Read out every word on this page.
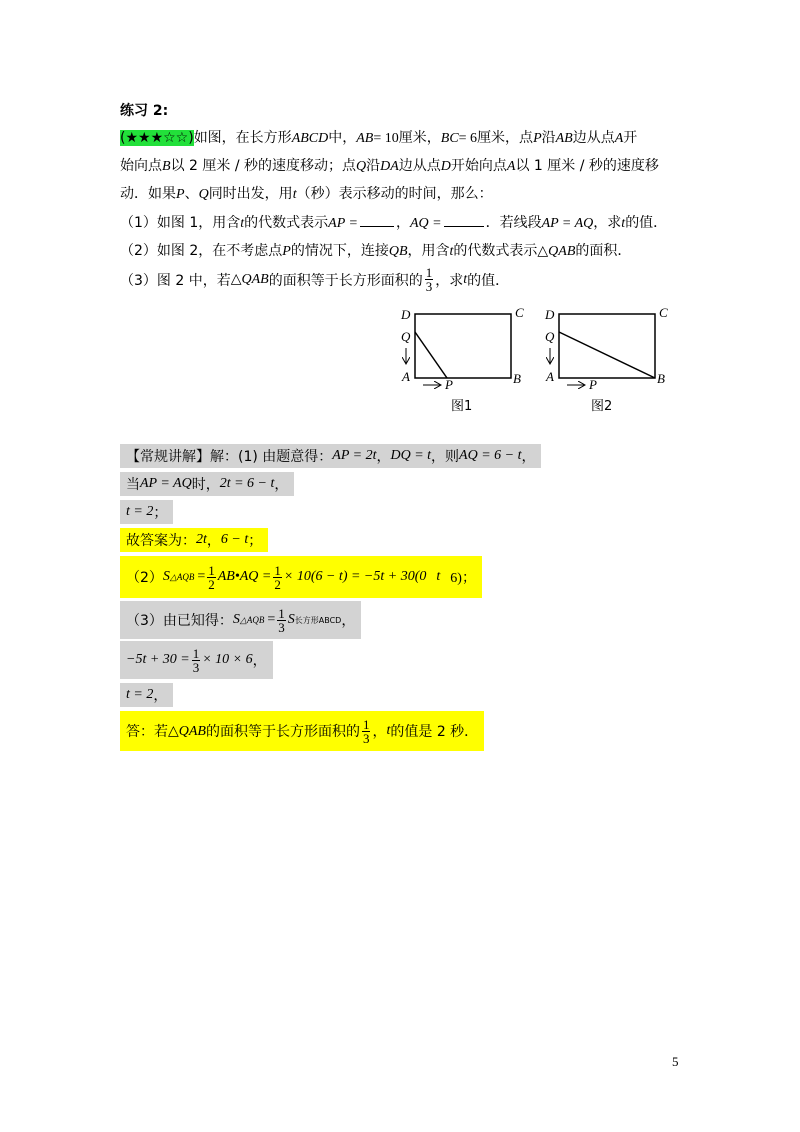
练习 2:
(★★★☆☆)如图，在长方形ABCD中，AB= 10厘米，BC= 6厘米，点P沿AB边从点A开
始向点B以 2 厘米 / 秒的速度移动；点Q沿DA边从点D开始向点A以 1 厘米 / 秒的速度移
动．如果P、Q同时出发，用t（秒）表示移动的时间，那么：
（1）如图 1，用含t的代数式表示AP =	，AQ =	．若线段AP = AQ，求t的值．
（2）如图 2，在不考虑点P的情况下，连接QB，用含t的代数式表示△QAB的面积．
（3）图 2 中，若 △QAB 的面积等于长方形面积的 $\frac{1}{3}$ ，求 t 的值．
D	C
Q
A	B
P
图1
D	C
Q
A	B
P
图2
【常规讲解】 解：(1) 由题意得： AP = 2t ， DQ = t ，则 AQ = 6 − t ，
当 AP = AQ 时， 2t = 6 − t ，
t = 2 ；
故答案为： 2t ， 6 − t ；
（2） S △AQB = $\frac{1}{2}$ AB•AQ = $\frac{1}{2} \times 10(6 - t) = -5t + 30(0$ t 6)；
（3）由已知得： S △AQB = $\frac{1}{3}$ S 长方形ABCD ，
$-5t + 30 = \frac{1}{3} \times 10 \times 6$ ，
t = 2 ，
答：若 △QAB 的面积等于长方形面积的 $\frac{1}{3}$ ， t 的值是 2 秒．
5
